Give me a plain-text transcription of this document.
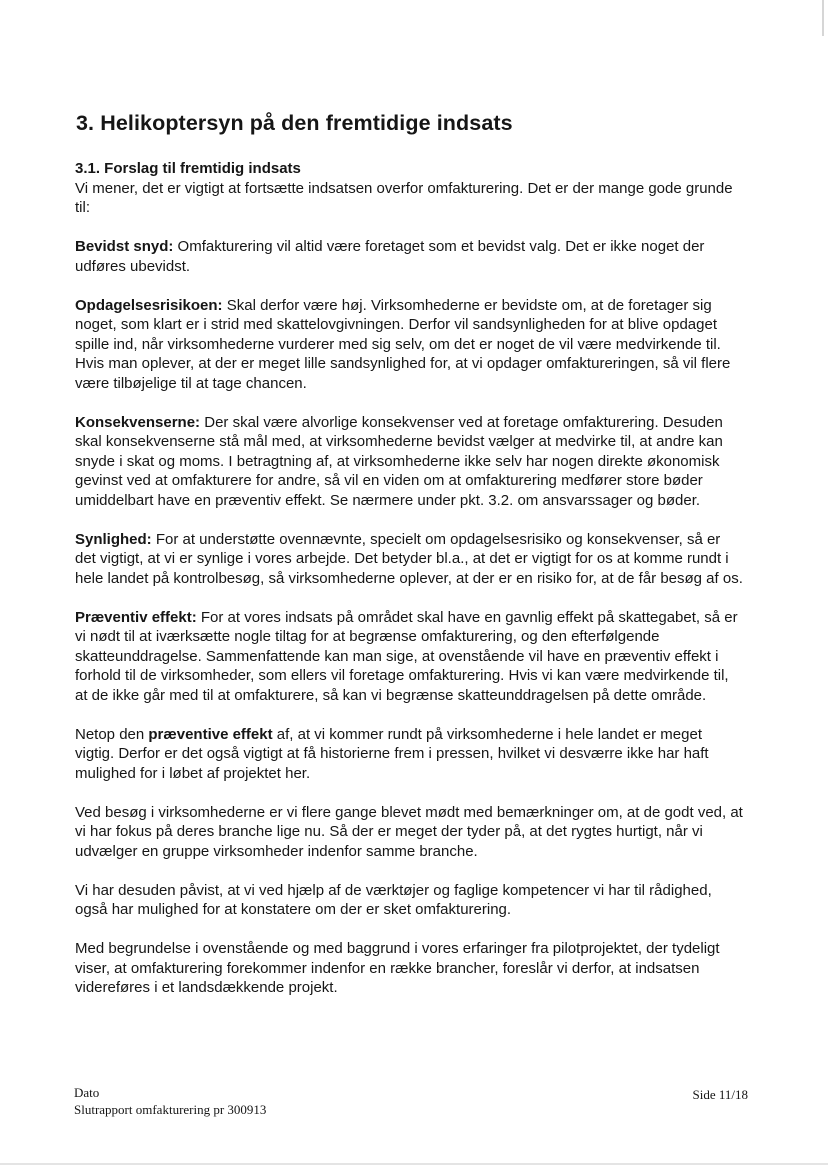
3. Helikoptersyn på den fremtidige indsats

3.1. Forslag til fremtidig indsats
Vi mener, det er vigtigt at fortsætte indsatsen overfor omfakturering. Det er der mange gode grunde til:

Bevidst snyd: Omfakturering vil altid være foretaget som et bevidst valg. Det er ikke noget der udføres ubevidst.

Opdagelsesrisikoen: Skal derfor være høj. Virksomhederne er bevidste om, at de foretager sig noget, som klart er i strid med skattelovgivningen. Derfor vil sandsynligheden for at blive opdaget spille ind, når virksomhederne vurderer med sig selv, om det er noget de vil være medvirkende til. Hvis man oplever, at der er meget lille sandsynlighed for, at vi opdager omfaktureringen, så vil flere være tilbøjelige til at tage chancen.

Konsekvenserne: Der skal være alvorlige konsekvenser ved at foretage omfakturering. Desuden skal konsekvenserne stå mål med, at virksomhederne bevidst vælger at medvirke til, at andre kan snyde i skat og moms. I betragtning af, at virksomhederne ikke selv har nogen direkte økonomisk gevinst ved at omfakturere for andre, så vil en viden om at omfakturering medfører store bøder umiddelbart have en præventiv effekt. Se nærmere under pkt. 3.2. om ansvarssager og bøder.

Synlighed: For at understøtte ovennævnte, specielt om opdagelsesrisiko og konsekvenser, så er det vigtigt, at vi er synlige i vores arbejde. Det betyder bl.a., at det er vigtigt for os at komme rundt i hele landet på kontrolbesøg, så virksomhederne oplever, at der er en risiko for, at de får besøg af os.

Præventiv effekt: For at vores indsats på området skal have en gavnlig effekt på skattegabet, så er vi nødt til at iværksætte nogle tiltag for at begrænse omfakturering, og den efterfølgende skatteunddragelse. Sammenfattende kan man sige, at ovenstående vil have en præventiv effekt i forhold til de virksomheder, som ellers vil foretage omfakturering. Hvis vi kan være medvirkende til, at de ikke går med til at omfakturere, så kan vi begrænse skatteunddragelsen på dette område.

Netop den præventive effekt af, at vi kommer rundt på virksomhederne i hele landet er meget vigtig. Derfor er det også vigtigt at få historierne frem i pressen, hvilket vi desværre ikke har haft mulighed for i løbet af projektet her.

Ved besøg i virksomhederne er vi flere gange blevet mødt med bemærkninger om, at de godt ved, at vi har fokus på deres branche lige nu. Så der er meget der tyder på, at det rygtes hurtigt, når vi udvælger en gruppe virksomheder indenfor samme branche.

Vi har desuden påvist, at vi ved hjælp af de værktøjer og faglige kompetencer vi har til rådighed, også har mulighed for at konstatere om der er sket omfakturering.

Med begrundelse i ovenstående og med baggrund i vores erfaringer fra pilotprojektet, der tydeligt viser, at omfakturering forekommer indenfor en række brancher, foreslår vi derfor, at indsatsen videreføres i et landsdækkende projekt.

Dato
Slutrapport omfakturering pr 300913
Side 11/18
